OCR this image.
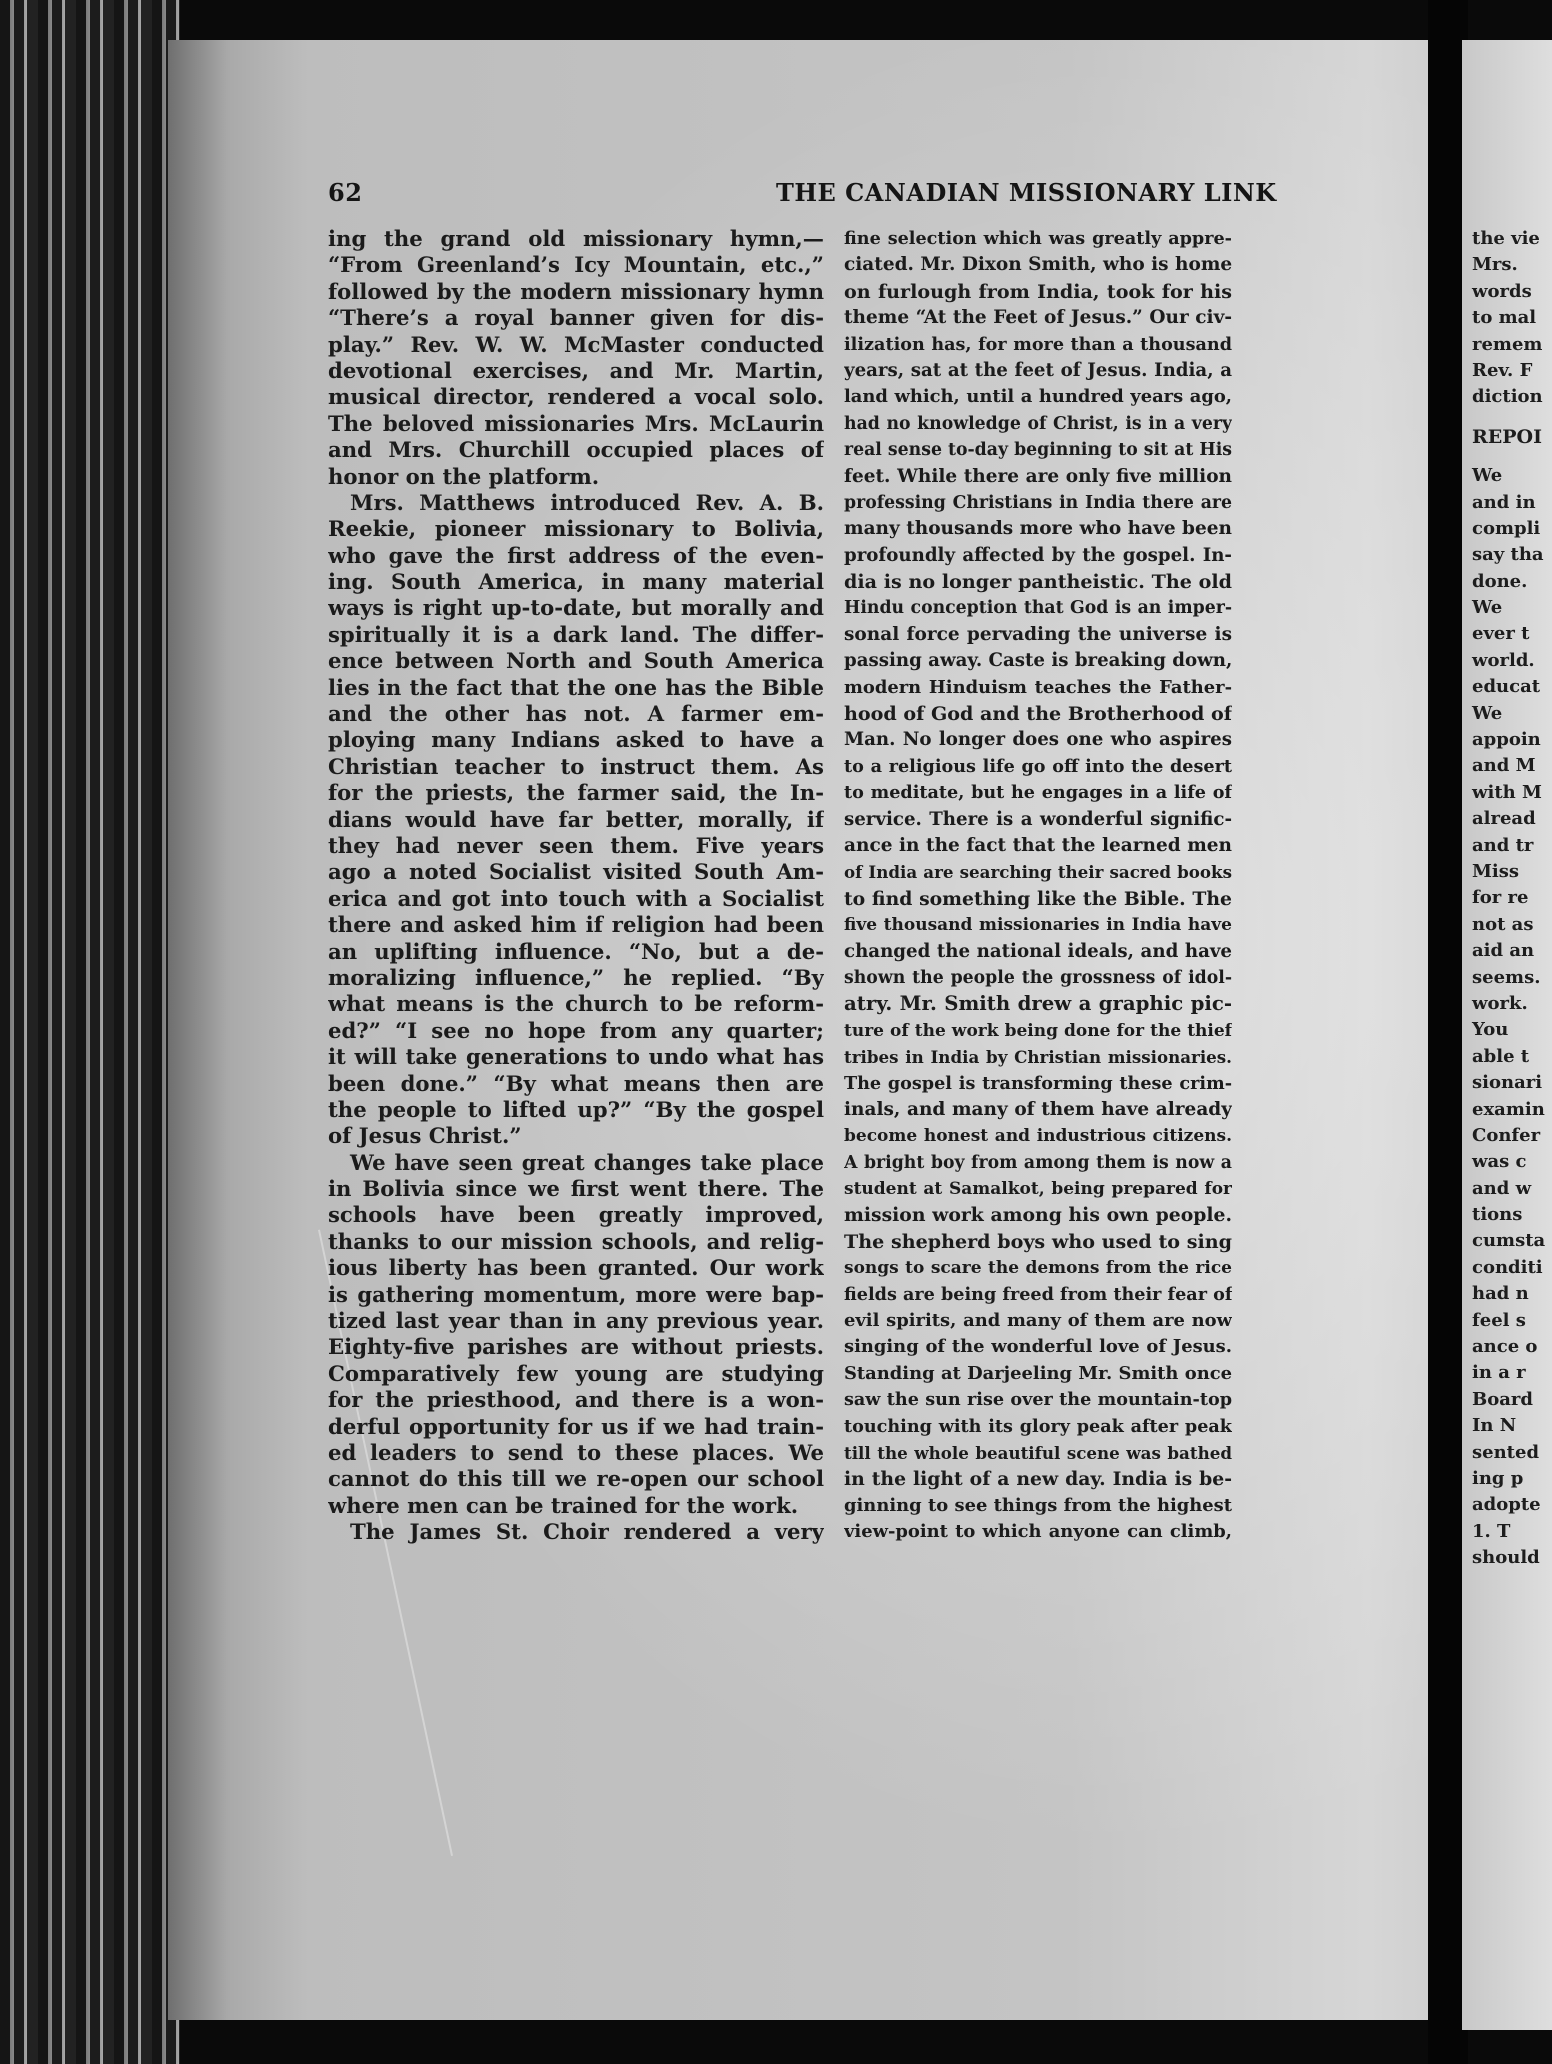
62	THE CANADIAN MISSIONARY LINK
ing the grand old missionary hymn,—
“From Greenland’s Icy Mountain, etc.,”
followed by the modern missionary hymn
“There’s a royal banner given for dis-
play.” Rev. W. W. McMaster conducted
devotional exercises, and Mr. Martin,
musical director, rendered a vocal solo.
The beloved missionaries Mrs. McLaurin
and Mrs. Churchill occupied places of
honor on the platform.
Mrs. Matthews introduced Rev. A. B.
Reekie, pioneer missionary to Bolivia,
who gave the first address of the even-
ing. South America, in many material
ways is right up-to-date, but morally and
spiritually it is a dark land. The differ-
ence between North and South America
lies in the fact that the one has the Bible
and the other has not. A farmer em-
ploying many Indians asked to have a
Christian teacher to instruct them. As
for the priests, the farmer said, the In-
dians would have far better, morally, if
they had never seen them. Five years
ago a noted Socialist visited South Am-
erica and got into touch with a Socialist
there and asked him if religion had been
an uplifting influence. “No, but a de-
moralizing influence,” he replied. “By
what means is the church to be reform-
ed?” “I see no hope from any quarter;
it will take generations to undo what has
been done.” “By what means then are
the people to lifted up?” “By the gospel
of Jesus Christ.”
We have seen great changes take place
in Bolivia since we first went there. The
schools have been greatly improved,
thanks to our mission schools, and relig-
ious liberty has been granted. Our work
is gathering momentum, more were bap-
tized last year than in any previous year.
Eighty-five parishes are without priests.
Comparatively few young are studying
for the priesthood, and there is a won-
derful opportunity for us if we had train-
ed leaders to send to these places. We
cannot do this till we re-open our school
where men can be trained for the work.
The James St. Choir rendered a very
fine selection which was greatly appre-
ciated. Mr. Dixon Smith, who is home
on furlough from India, took for his
theme “At the Feet of Jesus.” Our civ-
ilization has, for more than a thousand
years, sat at the feet of Jesus. India, a
land which, until a hundred years ago,
had no knowledge of Christ, is in a very
real sense to-day beginning to sit at His
feet. While there are only five million
professing Christians in India there are
many thousands more who have been
profoundly affected by the gospel. In-
dia is no longer pantheistic. The old
Hindu conception that God is an imper-
sonal force pervading the universe is
passing away. Caste is breaking down,
modern Hinduism teaches the Father-
hood of God and the Brotherhood of
Man. No longer does one who aspires
to a religious life go off into the desert
to meditate, but he engages in a life of
service. There is a wonderful signific-
ance in the fact that the learned men
of India are searching their sacred books
to find something like the Bible. The
five thousand missionaries in India have
changed the national ideals, and have
shown the people the grossness of idol-
atry. Mr. Smith drew a graphic pic-
ture of the work being done for the thief
tribes in India by Christian missionaries.
The gospel is transforming these crim-
inals, and many of them have already
become honest and industrious citizens.
A bright boy from among them is now a
student at Samalkot, being prepared for
mission work among his own people.
The shepherd boys who used to sing
songs to scare the demons from the rice
fields are being freed from their fear of
evil spirits, and many of them are now
singing of the wonderful love of Jesus.
Standing at Darjeeling Mr. Smith once
saw the sun rise over the mountain-top
touching with its glory peak after peak
till the whole beautiful scene was bathed
in the light of a new day. India is be-
ginning to see things from the highest
view-point to which anyone can climb,
the vie
Mrs.
words
to mal
remem
Rev. F
diction
REPOI
We
and in
compli
say tha
done.
We
ever t
world.
educat
We
appoin
and M
with M
alread
and tr
Miss
for re
not as
aid an
seems.
work.
You
able t
sionari
examin
Confer
was c
and w
tions
cumsta
conditi
had n
feel s
ance o
in a r
Board
In N
sented
ing p
adopte
1. T
should
